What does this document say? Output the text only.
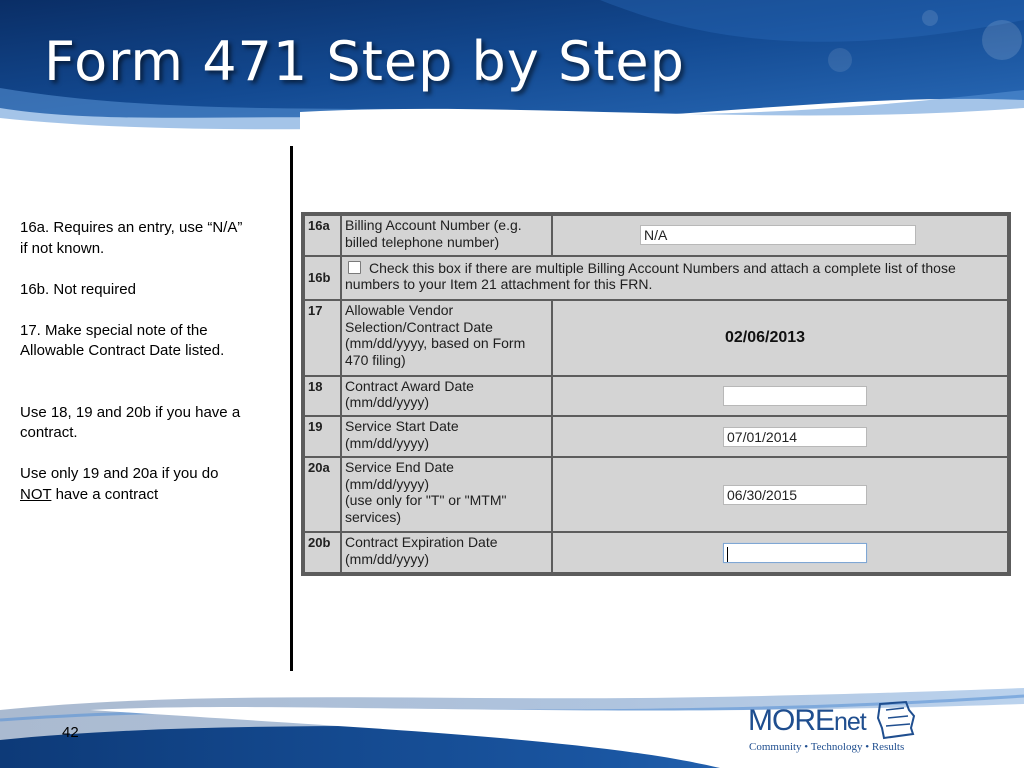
Form 471 Step by Step

16a. Requires an entry, use “N/A”

if not known.

16b. Not required

17. Make special note of the

Allowable Contract Date listed.

Use 18, 19 and 20b if you have a

contract.

Use only 19 and 20a if you do

NOT have a contract

16a	Billing Account Number (e.g.
billed telephone number)	N/A
16b	Check this box if there are multiple Billing Account Numbers and attach a complete list of those
numbers to your Item 21 attachment for this FRN.	

17	Allowable Vendor
Selection/Contract Date
(mm/dd/yyyy, based on Form
470 filing)	02/06/2013
18	Contract Award Date
(mm/dd/yyyy)	

19	Service Start Date
(mm/dd/yyyy)	07/01/2014
20a	Service End Date
(mm/dd/yyyy)
(use only for "T" or "MTM"
services)	06/30/2015
20b	Contract Expiration Date
(mm/dd/yyyy)	

42	MOREnet
Community • Technology • Results
